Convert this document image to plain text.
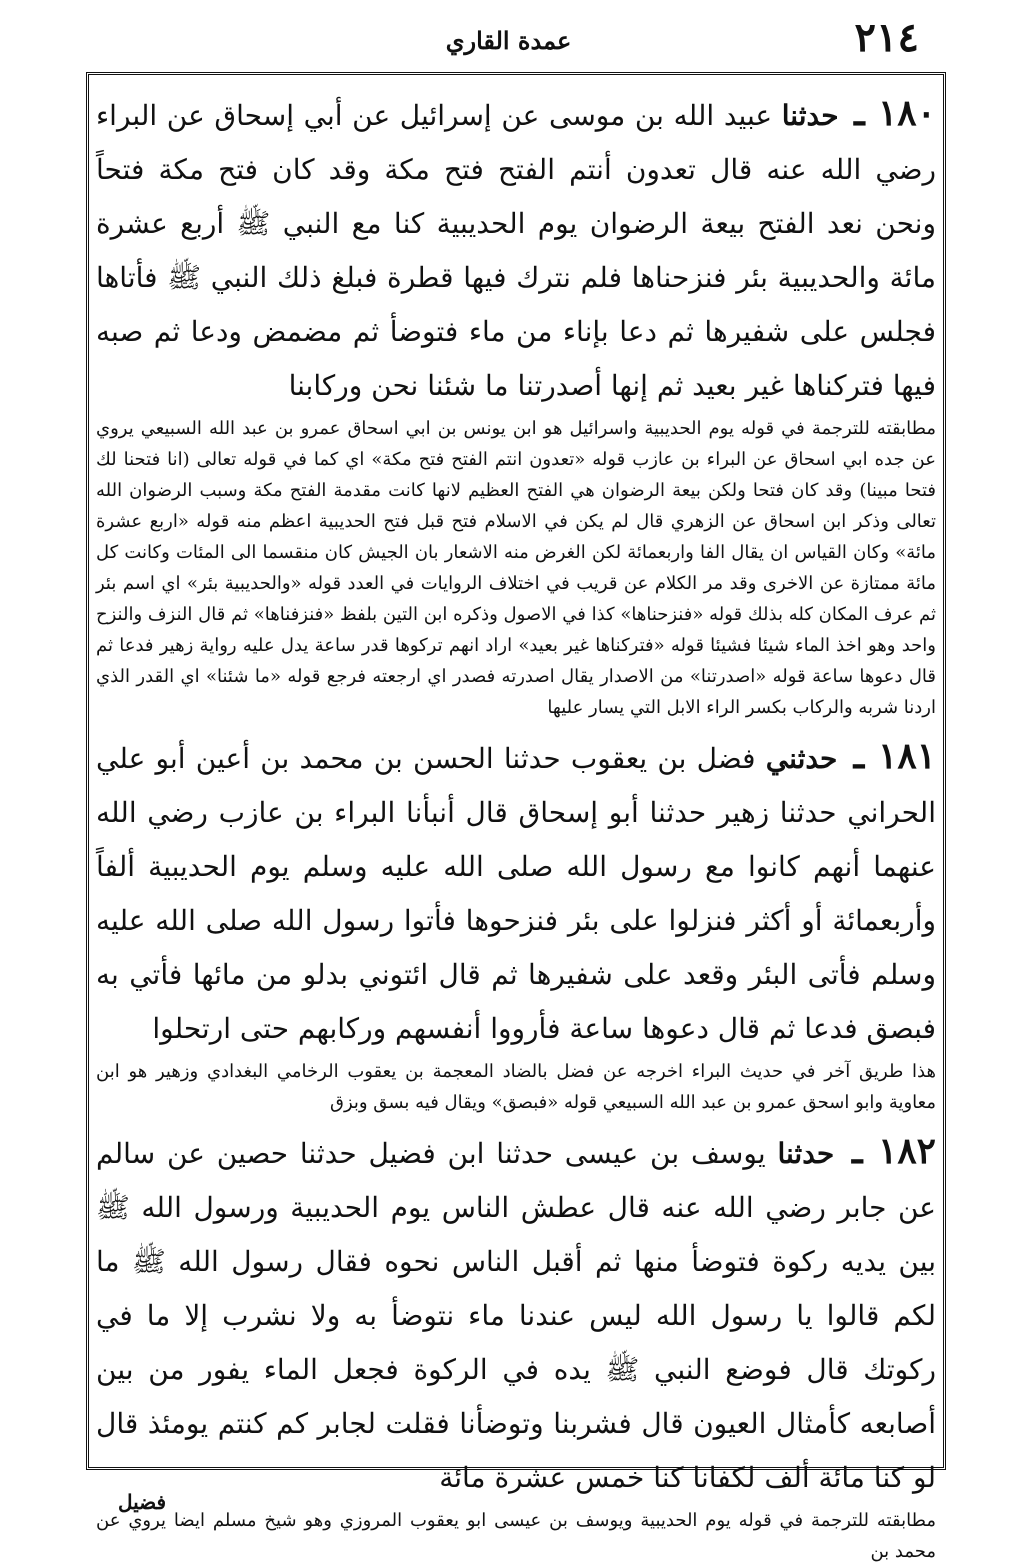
٢١٤
عمدة القاري

١٨٠ ـ حدثنا عبيد الله بن موسى عن إسرائيل عن أبي إسحاق عن البراء رضي الله عنه قال تعدون أنتم الفتح فتح مكة وقد كان فتح مكة فتحاً ونحن نعد الفتح بيعة الرضوان يوم الحديبية كنا مع النبي ﷺ أربع عشرة مائة والحديبية بئر فنزحناها فلم نترك فيها قطرة فبلغ ذلك النبي ﷺ فأتاها فجلس على شفيرها ثم دعا بإناء من ماء فتوضأ ثم مضمض ودعا ثم صبه فيها فتركناها غير بعيد ثم إنها أصدرتنا ما شئنا نحن وركابنا

مطابقته للترجمة في قوله يوم الحديبية واسرائيل هو ابن يونس بن ابي اسحاق عمرو بن عبد الله السبيعي يروي عن جده ابي اسحاق عن البراء بن عازب قوله «تعدون انتم الفتح فتح مكة» اي كما في قوله تعالى (انا فتحنا لك فتحا مبينا) وقد كان فتحا ولكن بيعة الرضوان هي الفتح العظيم لانها كانت مقدمة الفتح مكة وسبب الرضوان الله تعالى وذكر ابن اسحاق عن الزهري قال لم يكن في الاسلام فتح قبل فتح الحديبية اعظم منه قوله «اربع عشرة مائة» وكان القياس ان يقال الفا واربعمائة لكن الغرض منه الاشعار بان الجيش كان منقسما الى المئات وكانت كل مائة ممتازة عن الاخرى وقد مر الكلام عن قريب في اختلاف الروايات في العدد قوله «والحديبية بئر» اي اسم بئر ثم عرف المكان كله بذلك قوله «فنزحناها» كذا في الاصول وذكره ابن التين بلفظ «فنزفناها» ثم قال النزف والنزح واحد وهو اخذ الماء شيئا فشيئا قوله «فتركناها غير بعيد» اراد انهم تركوها قدر ساعة يدل عليه رواية زهير فدعا ثم قال دعوها ساعة قوله «اصدرتنا» من الاصدار يقال اصدرته فصدر اي ارجعته فرجع قوله «ما شئنا» اي القدر الذي اردنا شربه والركاب بكسر الراء الابل التي يسار عليها

١٨١ ـ حدثني فضل بن يعقوب حدثنا الحسن بن محمد بن أعين أبو علي الحراني حدثنا زهير حدثنا أبو إسحاق قال أنبأنا البراء بن عازب رضي الله عنهما أنهم كانوا مع رسول الله صلى الله عليه وسلم يوم الحديبية ألفاً وأربعمائة أو أكثر فنزلوا على بئر فنزحوها فأتوا رسول الله صلى الله عليه وسلم فأتى البئر وقعد على شفيرها ثم قال ائتوني بدلو من مائها فأتي به فبصق فدعا ثم قال دعوها ساعة فأرووا أنفسهم وركابهم حتى ارتحلوا

هذا طريق آخر في حديث البراء اخرجه عن فضل بالضاد المعجمة بن يعقوب الرخامي البغدادي وزهير هو ابن معاوية وابو اسحق عمرو بن عبد الله السبيعي قوله «فبصق» ويقال فيه بسق وبزق

١٨٢ ـ حدثنا يوسف بن عيسى حدثنا ابن فضيل حدثنا حصين عن سالم عن جابر رضي الله عنه قال عطش الناس يوم الحديبية ورسول الله ﷺ بين يديه ركوة فتوضأ منها ثم أقبل الناس نحوه فقال رسول الله ﷺ ما لكم قالوا يا رسول الله ليس عندنا ماء نتوضأ به ولا نشرب إلا ما في ركوتك قال فوضع النبي ﷺ يده في الركوة فجعل الماء يفور من بين أصابعه كأمثال العيون قال فشربنا وتوضأنا فقلت لجابر كم كنتم يومئذ قال لو كنا مائة ألف لكفانا كنا خمس عشرة مائة

مطابقته للترجمة في قوله يوم الحديبية ويوسف بن عيسى ابو يعقوب المروزي وهو شيخ مسلم ايضا يروي عن محمد بن

فضيل
